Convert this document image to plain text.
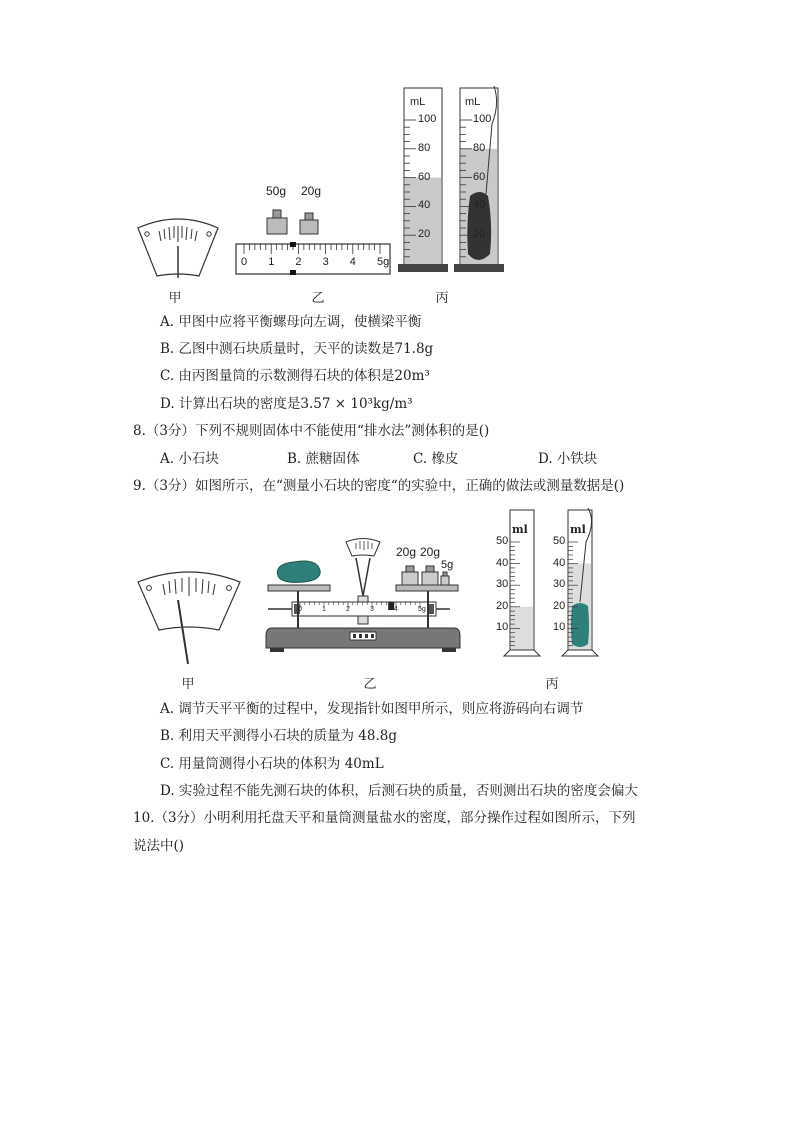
甲
50g 20g
0 1 2 3 4 5g
乙
mL	mL
100	100
80	80
60	60
40	40
20	20
丙
A. 甲图中应将平衡螺母向左调，使横梁平衡
B. 乙图中测石块质量时，天平的读数是71.8g
C. 由丙图量筒的示数测得石块的体积是20m³
D. 计算出石块的密度是3.57 × 10³kg/m³
8.（3分）下列不规则固体中不能使用“排水法”测体积的是()
A. 小石块	B. 蔗糖固体	C. 橡皮	D. 小铁块
9.（3分）如图所示，在“测量小石块的密度“的实验中，正确的做法或测量数据是()
甲
20g 20g
5g
0	1	2	3	4	5g
乙
ml	ml
50	50
40	40
30	30
20	20
10	10
丙
A. 调节天平平衡的过程中，发现指针如图甲所示，则应将游码向右调节
B. 利用天平测得小石块的质量为 48.8g
C. 用量筒测得小石块的体积为 40mL
D. 实验过程不能先测石块的体积，后测石块的质量，否则测出石块的密度会偏大
10.（3分）小明利用托盘天平和量筒测量盐水的密度，部分操作过程如图所示，下列
说法中()
